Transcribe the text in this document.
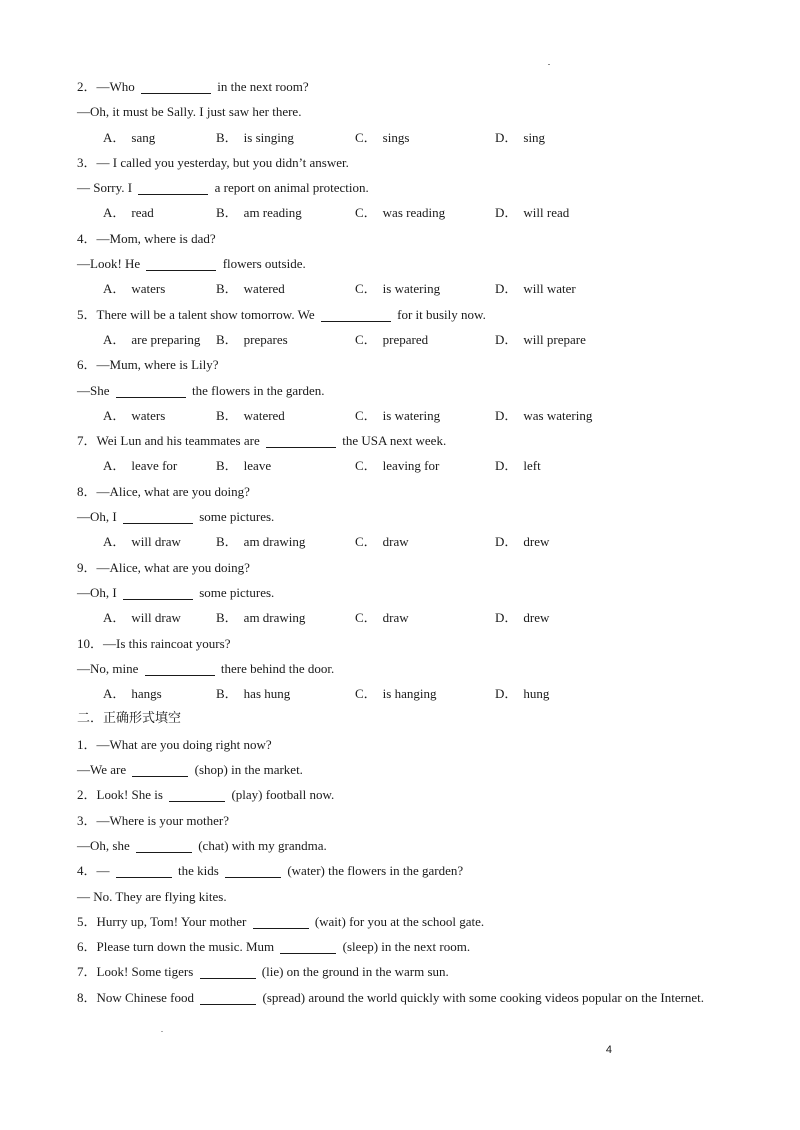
2．—Who	in the next room?
—Oh, it must be Sally. I just saw her there.
A． sang	B． is singing	C． sings	D． sing
3．— I called you yesterday, but you didn’t answer.
— Sorry. I	a report on animal protection.
A． read	B． am reading	C． was reading	D． will read
4．—Mom, where is dad?
—Look! He	flowers outside.
A． waters	B． watered	C． is watering	D． will water
5．There will be a talent show tomorrow. We	for it busily now.
A． are preparing B． prepares	C． prepared	D． will prepare
6．—Mum, where is Lily?
—She	the flowers in the garden.
A． waters	B． watered	C． is watering	D． was watering
7．Wei Lun and his teammates are	the USA next week.
A． leave for	B． leave	C． leaving for	D． left
8．—Alice, what are you doing?
—Oh, I	some pictures.
A． will draw	B． am drawing	C． draw	D． drew
9．—Alice, what are you doing?
—Oh, I	some pictures.
A． will draw	B． am drawing	C． draw	D． drew
10．—Is this raincoat yours?
—No, mine	there behind the door.
A． hangs	B． has hung	C． is hanging	D． hung
二．正确形式填空
1．—What are you doing right now?
—We are	(shop) in the market.
2．Look! She is	(play) football now.
3．—Where is your mother?
—Oh, she	(chat) with my grandma.
4．—	the kids	(water) the flowers in the garden?
— No. They are flying kites.
5．Hurry up, Tom! Your mother	(wait) for you at the school gate.
6．Please turn down the music. Mum	(sleep) in the next room.
7．Look! Some tigers	(lie) on the ground in the warm sun.
8．Now Chinese food	(spread) around the world quickly with some cooking videos popular on the Internet.
4
